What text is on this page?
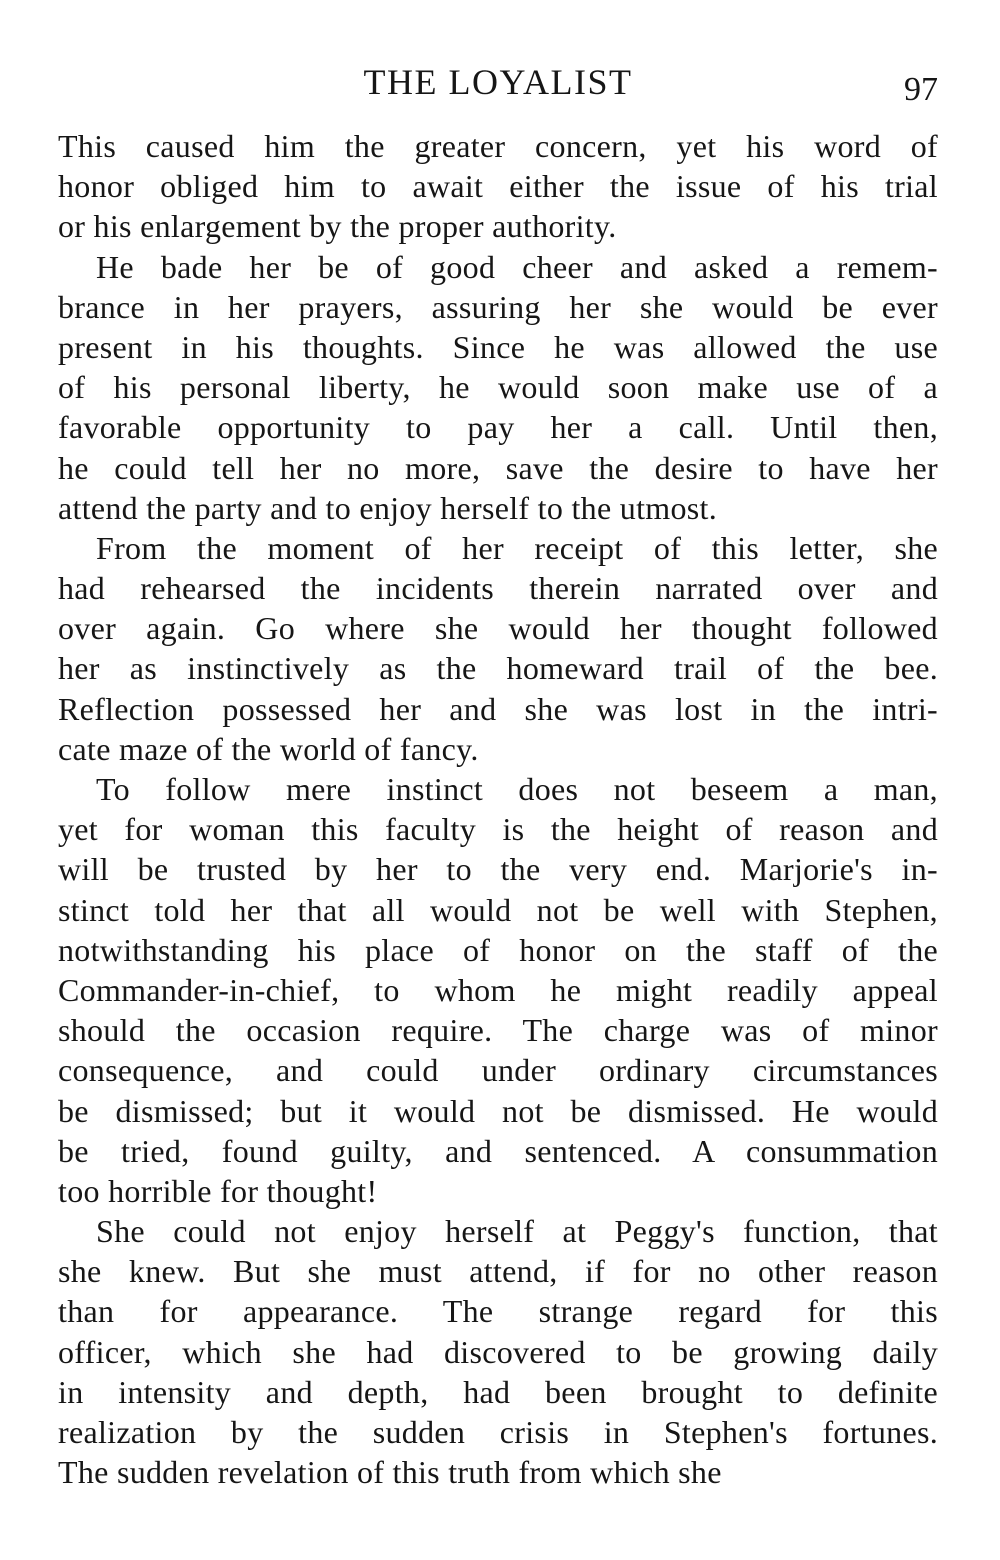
THE LOYALIST	97
This caused him the greater concern, yet his word of
honor obliged him to await either the issue of his trial
or his enlargement by the proper authority.
He bade her be of good cheer and asked a remem-
brance in her prayers, assuring her she would be ever
present in his thoughts. Since he was allowed the use
of his personal liberty, he would soon make use of a
favorable opportunity to pay her a call. Until then,
he could tell her no more, save the desire to have her
attend the party and to enjoy herself to the utmost.
From the moment of her receipt of this letter, she
had rehearsed the incidents therein narrated over and
over again. Go where she would her thought followed
her as instinctively as the homeward trail of the bee.
Reflection possessed her and she was lost in the intri-
cate maze of the world of fancy.
To follow mere instinct does not beseem a man,
yet for woman this faculty is the height of reason and
will be trusted by her to the very end. Marjorie's in-
stinct told her that all would not be well with Stephen,
notwithstanding his place of honor on the staff of the
Commander-in-chief, to whom he might readily appeal
should the occasion require. The charge was of minor
consequence, and could under ordinary circumstances
be dismissed; but it would not be dismissed. He would
be tried, found guilty, and sentenced. A consummation
too horrible for thought!
She could not enjoy herself at Peggy's function, that
she knew. But she must attend, if for no other reason
than for appearance. The strange regard for this
officer, which she had discovered to be growing daily
in intensity and depth, had been brought to definite
realization by the sudden crisis in Stephen's fortunes.
The sudden revelation of this truth from which she
